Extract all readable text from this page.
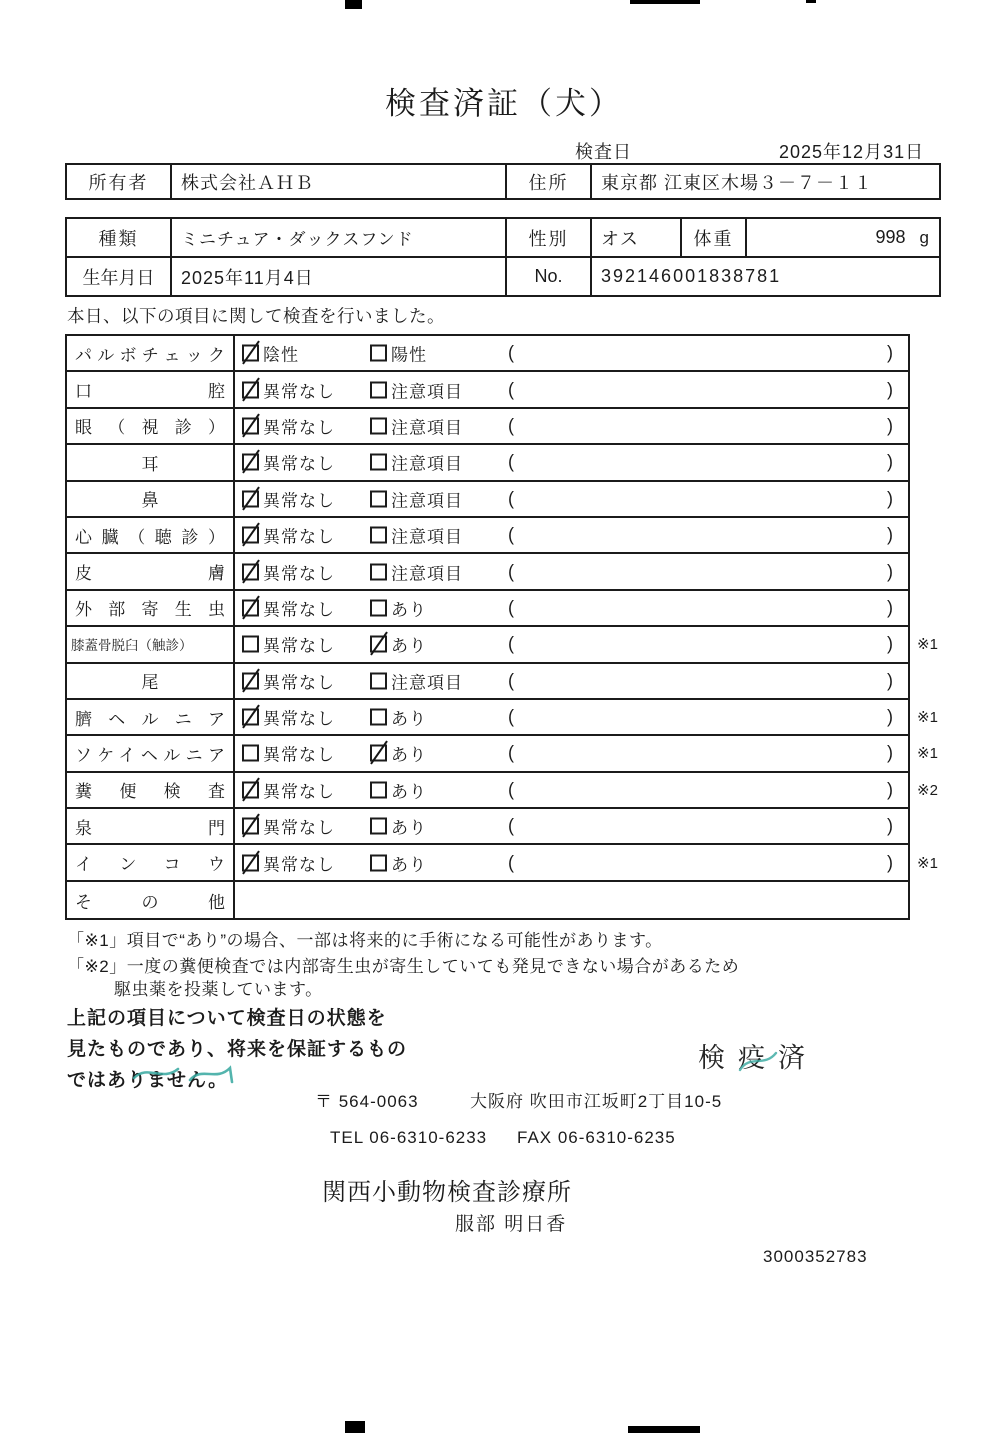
検査済証（犬）
検査日	2025年12月31日
所有者	株式会社ＡＨＢ	住所	東京都 江東区木場３－７－１１
種類	ミニチュア・ダックスフンド	性別	オス	体重	998 g
生年月日	2025年11月4日	No.	392146001838781
本日、以下の項目に関して検査を行いました。
パルボチェック 陰性	陽性	(	)
口腔 異常なし	注意項目	(	)
眼（視診） 異常なし	注意項目	(	)
耳	異常なし	注意項目	(	)
鼻	異常なし	注意項目	(	)
心臓（聴診） 異常なし	注意項目	(	)
皮膚 異常なし	注意項目	(	)
外部寄生虫 異常なし	あり	(	)
膝蓋骨脱臼（触診）	異常なし	あり	(	) ※1
尾	異常なし	注意項目	(	)
臍ヘルニア 異常なし	あり	(	) ※1
ソケイヘルニア 異常なし	あり	(	) ※1
糞便検査 異常なし	あり	(	) ※2
泉門 異常なし	あり	(	)
インコウ 異常なし	あり	(	) ※1
その他
「※1」項目で“あり”の場合、一部は将来的に手術になる可能性があります。
「※2」一度の糞便検査では内部寄生虫が寄生していても発見できない場合があるため
駆虫薬を投薬しています。
上記の項目について検査日の状態を
見たものであり、将来を保証するもの
ではありません。
検疫済
〒 564-0063	大阪府 吹田市江坂町2丁目10-5
TEL 06-6310-6233 FAX 06-6310-6235
関西小動物検査診療所
服部 明日香
3000352783
